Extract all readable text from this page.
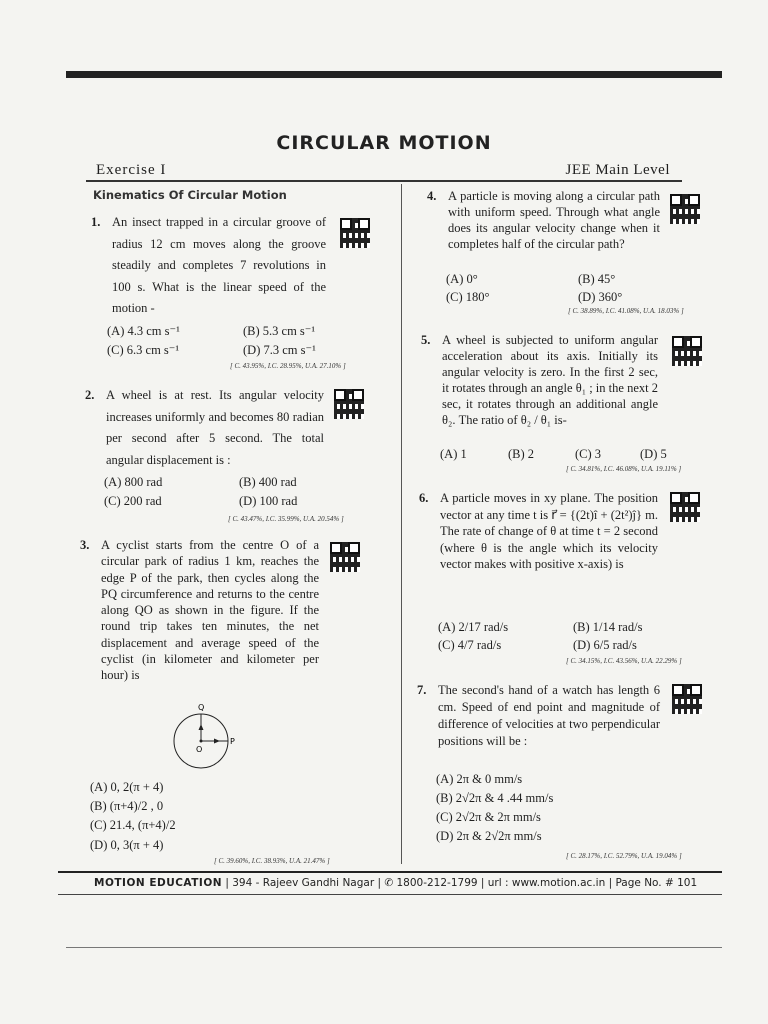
CIRCULAR MOTION
Exercise I	JEE Main Level
Kinematics Of Circular Motion
1. An insect trapped in a circular groove of radius 12 cm moves along the groove steadily and completes 7 revolutions in 100 s. What is the linear speed of the motion -
(A) 4.3 cm s⁻¹	(B) 5.3 cm s⁻¹
(C) 6.3 cm s⁻¹	(D) 7.3 cm s⁻¹
[ C. 43.95%, I.C. 28.95%, U.A. 27.10% ]
2. A wheel is at rest. Its angular velocity increases uniformly and becomes 80 radian per second after 5 second. The total angular displacement is :
(A) 800 rad	(B) 400 rad
(C) 200 rad	(D) 100 rad
[ C. 43.47%, I.C. 35.99%, U.A. 20.54% ]
3. A cyclist starts from the centre O of a circular park of radius 1 km, reaches the edge P of the park, then cycles along the PQ circumference and returns to the centre along QO as shown in the figure. If the round trip takes ten minutes, the net displacement and average speed of the cyclist (in kilometer and kilometer per hour) is
Q
O
P
(A) 0, 2(π + 4)
(B) (π+4)/2 , 0
(C) 21.4, (π+4)/2
(D) 0, 3(π + 4)
[ C. 39.60%, I.C. 38.93%, U.A. 21.47% ]
4. A particle is moving along a circular path with uniform speed. Through what angle does its angular velocity change when it completes half of the circular path?
(A) 0°	(B) 45°
(C) 180°	(D) 360°
[ C. 38.89%, I.C. 41.08%, U.A. 18.03% ]
5. A wheel is subjected to uniform angular acceleration about its axis. Initially its angular velocity is zero. In the first 2 sec, it rotates through an angle θ₁ ; in the next 2 sec, it rotates through an additional angle θ₂. The ratio of θ₂ / θ₁ is-
(A) 1	(B) 2	(C) 3	(D) 5
[ C. 34.81%, I.C. 46.08%, U.A. 19.11% ]
6. A particle moves in xy plane. The position vector at any time t is r⃗ = {(2t)î + (2t²)ĵ} m. The rate of change of θ at time t = 2 second (where θ is the angle which its velocity vector makes with positive x-axis) is
(A) 2/17 rad/s	(B) 1/14 rad/s
(C) 4/7 rad/s	(D) 6/5 rad/s
[ C. 34.15%, I.C. 43.56%, U.A. 22.29% ]
7. The second's hand of a watch has length 6 cm. Speed of end point and magnitude of difference of velocities at two perpendicular positions will be :
(A) 2π & 0 mm/s
(B) 2√2π & 4 .44 mm/s
(C) 2√2π & 2π mm/s
(D) 2π & 2√2π mm/s
[ C. 28.17%, I.C. 52.79%, U.A. 19.04% ]
MOTION EDUCATION | 394 - Rajeev Gandhi Nagar | ✆ 1800-212-1799 | url : www.motion.ac.in | Page No. # 101
